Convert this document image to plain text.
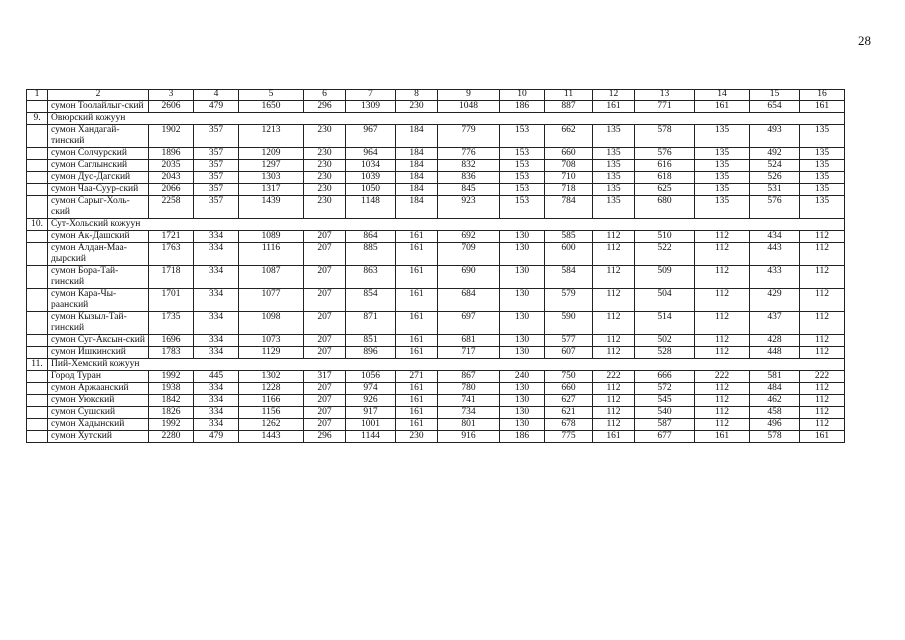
28
1	2	3	4	5	6	7	8	9	10	11	12	13	14	15	16
	сумон Тоолайлыг-ский	2606	479	1650	296	1309	230	1048	186	887	161	771	161	654	161
9.	Овюрский кожуун														
	сумон Хандагай-тинский	1902	357	1213	230	967	184	779	153	662	135	578	135	493	135
	сумон Солчурский	1896	357	1209	230	964	184	776	153	660	135	576	135	492	135
	сумон Саглынский	2035	357	1297	230	1034	184	832	153	708	135	616	135	524	135
	сумон Дус-Дагский	2043	357	1303	230	1039	184	836	153	710	135	618	135	526	135
	сумон Чаа-Суур-ский	2066	357	1317	230	1050	184	845	153	718	135	625	135	531	135
	сумон Сарыг-Холь-ский	2258	357	1439	230	1148	184	923	153	784	135	680	135	576	135
10.	Сут-Хольский кожуун														
	сумон Ак-Дашский	1721	334	1089	207	864	161	692	130	585	112	510	112	434	112
	сумон Алдан-Маа-дырский	1763	334	1116	207	885	161	709	130	600	112	522	112	443	112
	сумон Бора-Тай-гинский	1718	334	1087	207	863	161	690	130	584	112	509	112	433	112
	сумон Кара-Чы-раанский	1701	334	1077	207	854	161	684	130	579	112	504	112	429	112
	сумон Кызыл-Тай-гинский	1735	334	1098	207	871	161	697	130	590	112	514	112	437	112
	сумон Суг-Аксын-ский	1696	334	1073	207	851	161	681	130	577	112	502	112	428	112
	сумон Ишкинский	1783	334	1129	207	896	161	717	130	607	112	528	112	448	112
11.	Пий-Хемский кожуун														
	Город Туран	1992	445	1302	317	1056	271	867	240	750	222	666	222	581	222
	сумон Аржаанский	1938	334	1228	207	974	161	780	130	660	112	572	112	484	112
	сумон Уюкский	1842	334	1166	207	926	161	741	130	627	112	545	112	462	112
	сумон Сушский	1826	334	1156	207	917	161	734	130	621	112	540	112	458	112
	сумон Хадынский	1992	334	1262	207	1001	161	801	130	678	112	587	112	496	112
	сумон Хутский	2280	479	1443	296	1144	230	916	186	775	161	677	161	578	161
